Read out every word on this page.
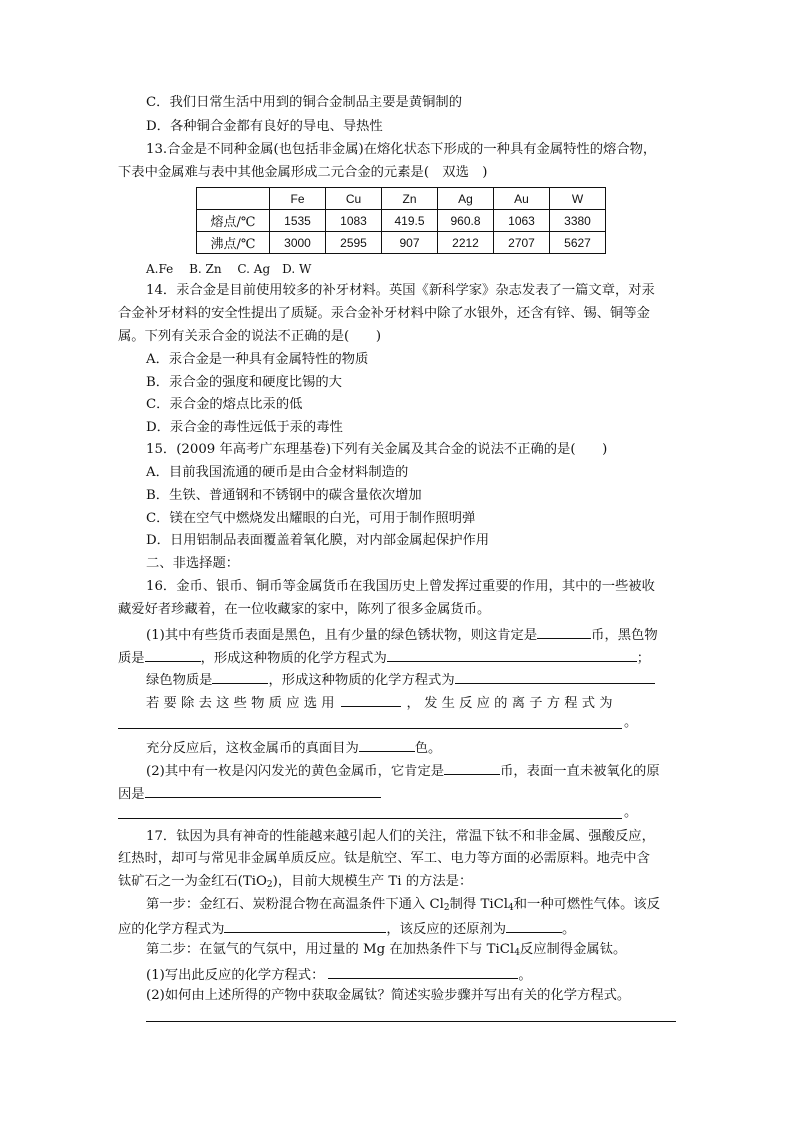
C．我们日常生活中用到的铜合金制品主要是黄铜制的
D．各种铜合金都有良好的导电、导热性
13.合金是不同种金属(也包括非金属)在熔化状态下形成的一种具有金属特性的熔合物，
下表中金属难与表中其他金属形成二元合金的元素是(　双选　)
	Fe	Cu	Zn	Ag	Au	W
熔点/℃	1535	1083	419.5	960.8	1063	3380
沸点/℃	3000	2595	907	2212	2707	5627
A.Fe　 B. Zn　 C. Ag　D. W
14．汞合金是目前使用较多的补牙材料。英国《新科学家》杂志发表了一篇文章，对汞
合金补牙材料的安全性提出了质疑。汞合金补牙材料中除了水银外，还含有锌、锡、铜等金
属。下列有关汞合金的说法不正确的是(　　)
A．汞合金是一种具有金属特性的物质
B．汞合金的强度和硬度比锡的大
C．汞合金的熔点比汞的低
D．汞合金的毒性远低于汞的毒性
15．(2009 年高考广东理基卷)下列有关金属及其合金的说法不正确的是(　　)
A．目前我国流通的硬币是由合金材料制造的
B．生铁、普通钢和不锈钢中的碳含量依次增加
C．镁在空气中燃烧发出耀眼的白光，可用于制作照明弹
D．日用铝制品表面覆盖着氧化膜，对内部金属起保护作用
二、非选择题：
16．金币、银币、铜币等金属货币在我国历史上曾发挥过重要的作用，其中的一些被收
藏爱好者珍藏着，在一位收藏家的家中，陈列了很多金属货币。
(1)其中有些货币表面是黑色，且有少量的绿色锈状物，则这肯定是	币，黑色物
质是	，形成这种物质的化学方程式为	；
绿色物质是	，形成这种物质的化学方程式为
若 要 除 去 这 些 物 质 应 选 用	， 发 生 反 应 的 离 子 方 程 式 为
。
充分反应后，这枚金属币的真面目为	色。
(2)其中有一枚是闪闪发光的黄色金属币，它肯定是	币，表面一直未被氧化的原
因是
。
17．钛因为具有神奇的性能越来越引起人们的关注，常温下钛不和非金属、强酸反应，
红热时，却可与常见非金属单质反应。钛是航空、军工、电力等方面的必需原料。地壳中含
钛矿石之一为金红石(TiO$_2$)，目前大规模生产 Ti 的方法是：
第一步：金红石、炭粉混合物在高温条件下通入 $Cl_2$制得 TiCl$_4$和一种可燃性气体。该反
应的化学方程式为	，该反应的还原剂为	。
第二步：在氩气的气氛中，用过量的 Mg 在加热条件下与 TiCl$_4$反应制得金属钛。
(1)写出此反应的化学方程式：	。
(2)如何由上述所得的产物中获取金属钛？简述实验步骤并写出有关的化学方程式。
